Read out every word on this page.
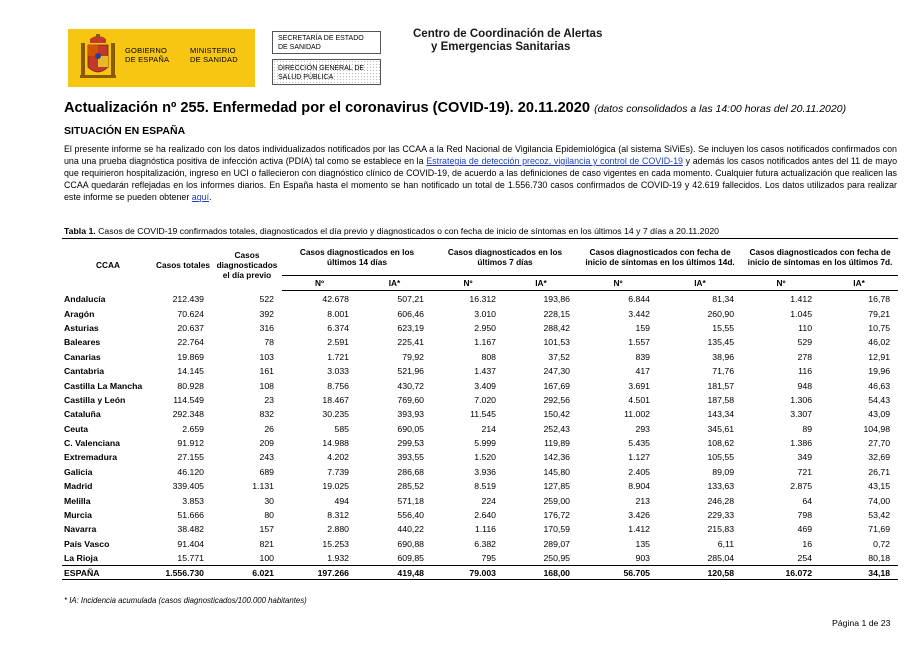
GOBIERNO
DE ESPAÑA
MINISTERIO
DE SANIDAD
SECRETARÍA DE ESTADO
DE SANIDAD
DIRECCIÓN GENERAL DE
SALUD PÚBLICA
Centro de Coordinación de Alertas
y Emergencias Sanitarias
Actualización nº 255. Enfermedad por el coronavirus (COVID-19). 20.11.2020 (datos consolidados a las 14:00 horas del 20.11.2020)
SITUACIÓN EN ESPAÑA

El presente informe se ha realizado con los datos individualizados notificados por las CCAA a la Red Nacional de Vigilancia Epidemiológica (al sistema SiViEs). Se incluyen los casos notificados confirmados con una una prueba diagnóstica positiva de infección activa (PDIA) tal como se establece en la Estrategia de detección precoz, vigilancia y control de COVID-19 y además los casos notificados antes del 11 de mayo que requirieron hospitalización, ingreso en UCI o fallecieron con diagnóstico clínico de COVID-19, de acuerdo a las definiciones de caso vigentes en cada momento. Cualquier futura actualización que realicen las CCAA quedarán reflejadas en los informes diarios. En España hasta el momento se han notificado un total de 1.556.730 casos confirmados de COVID-19 y 42.619 fallecidos. Los datos utilizados para realizar este informe se pueden obtener aquí.

Tabla 1. Casos de COVID-19 confirmados totales, diagnosticados el día previo y diagnosticados o con fecha de inicio de síntomas en los últimos 14 y 7 días a 20.11.2020
CCAA	Casos totales	Casos diagnosticados el día previo	Casos diagnosticados en los últimos 14 días		Casos diagnosticados en los últimos 7 días		Casos diagnosticados con fecha de inicio de síntomas en los últimos 14d.		Casos diagnosticados con fecha de inicio de síntomas en los últimos 7d.	
			Nº	IA*	Nº	IA*	Nº	IA*	Nº	IA*
Andalucía	212.439	522	42.678	507,21	16.312	193,86	6.844	81,34	1.412	16,78
Aragón	70.624	392	8.001	606,46	3.010	228,15	3.442	260,90	1.045	79,21
Asturias	20.637	316	6.374	623,19	2.950	288,42	159	15,55	110	10,75
Baleares	22.764	78	2.591	225,41	1.167	101,53	1.557	135,45	529	46,02
Canarias	19.869	103	1.721	79,92	808	37,52	839	38,96	278	12,91
Cantabria	14.145	161	3.033	521,96	1.437	247,30	417	71,76	116	19,96
Castilla La Mancha	80.928	108	8.756	430,72	3.409	167,69	3.691	181,57	948	46,63
Castilla y León	114.549	23	18.467	769,60	7.020	292,56	4.501	187,58	1.306	54,43
Cataluña	292.348	832	30.235	393,93	11.545	150,42	11.002	143,34	3.307	43,09
Ceuta	2.659	26	585	690,05	214	252,43	293	345,61	89	104,98
C. Valenciana	91.912	209	14.988	299,53	5.999	119,89	5.435	108,62	1.386	27,70
Extremadura	27.155	243	4.202	393,55	1.520	142,36	1.127	105,55	349	32,69
Galicia	46.120	689	7.739	286,68	3.936	145,80	2.405	89,09	721	26,71
Madrid	339.405	1.131	19.025	285,52	8.519	127,85	8.904	133,63	2.875	43,15
Melilla	3.853	30	494	571,18	224	259,00	213	246,28	64	74,00
Murcia	51.666	80	8.312	556,40	2.640	176,72	3.426	229,33	798	53,42
Navarra	38.482	157	2.880	440,22	1.116	170,59	1.412	215,83	469	71,69
País Vasco	91.404	821	15.253	690,88	6.382	289,07	135	6,11	16	0,72
La Rioja	15.771	100	1.932	609,85	795	250,95	903	285,04	254	80,18
ESPAÑA	1.556.730	6.021	197.266	419,48	79.003	168,00	56.705	120,58	16.072	34,18
* IA: Incidencia acumulada (casos diagnosticados/100.000 habitantes)
Página 1 de 23
